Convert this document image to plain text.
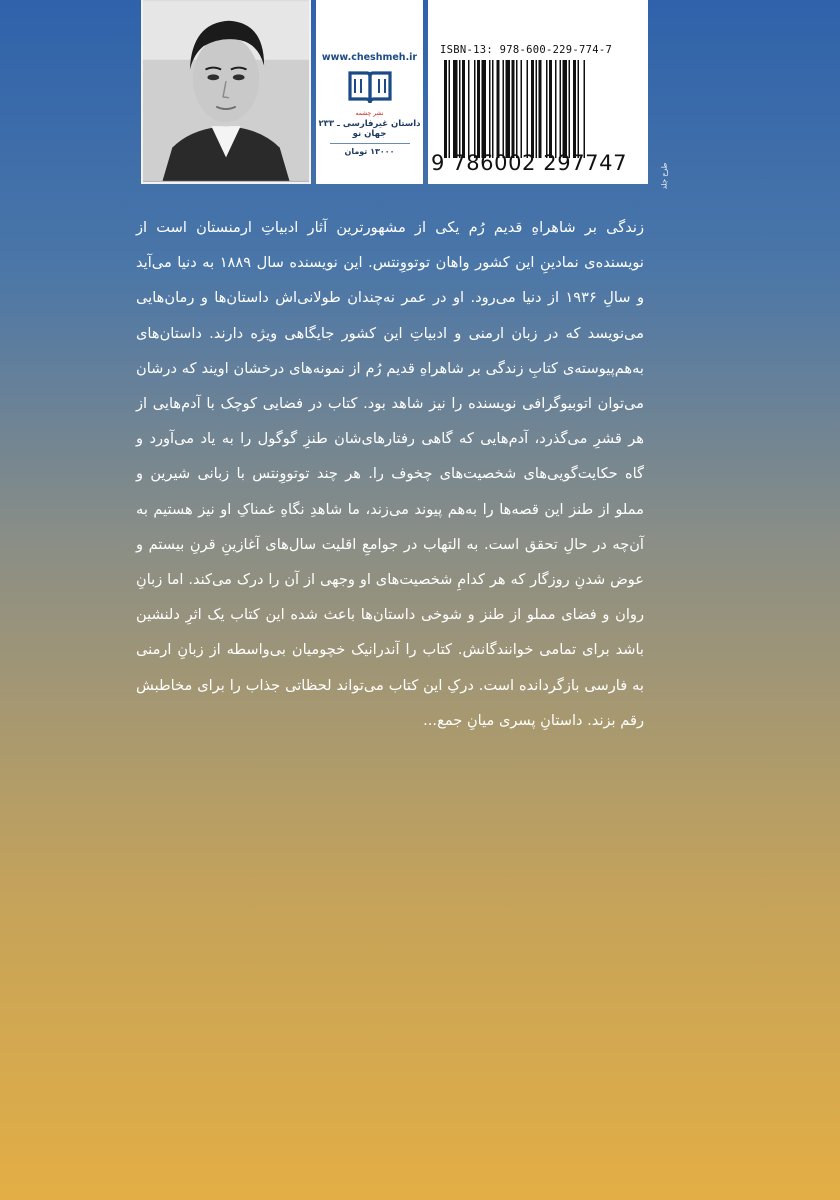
www.cheshmeh.ir
نشر چشمه
داستان غیرفارسی ـ ۲۳۳
جهان نو
۱۳۰۰۰ تومان
ISBN-13: 978-600-229-774-7
9 786002 297747	طرح جلد

زندگی بر شاهراهِ قدیم رُم یکی از مشهورترین آثار ادبیاتِ ارمنستان است از نویسنده‌ی نمادینِ این کشور واهان توتووِنتس. این نویسنده سال ۱۸۸۹ به دنیا می‌آید و سالِ ۱۹۳۶ از دنیا می‌رود. او در عمر نه‌چندان طولانی‌اش داستان‌ها و رمان‌هایی می‌نویسد که در زبان ارمنی و ادبیاتِ این کشور جایگاهی ویژه دارند. داستان‌های به‌هم‌پیوسته‌ی کتابِ زندگی بر شاهراهِ قدیم رُم از نمونه‌های درخشان اویند که درشان می‌توان اتوبیوگرافی نویسنده را نیز شاهد بود. کتاب در فضایی کوچک با آدم‌هایی از هر قشرِ می‌گذرد، آدم‌هایی که گاهی رفتارهای‌شان طنزِ گوگول را به یاد می‌آورد و گاه حکایت‌گویی‌های شخصیت‌های چخوف را. هر چند توتووِنتس با زبانی شیرین و مملو از طنز این قصه‌ها را به‌هم پیوند می‌زند، ما شاهدِ نگاهِ غمناکِ او نیز هستیم به آن‌چه در حالِ تحقق است. به التهاب در جوامعِ اقلیت سال‌های آغازینِ قرنِ بیستم و عوض شدنِ روزگار که هر کدامِ شخصیت‌های او وجهی از آن را درک می‌کند. اما زبانِ روان و فضای مملو از طنز و شوخی داستان‌ها باعث شده این کتاب یک اثرِ دلنشین باشد برای تمامی خوانندگانش. کتاب را آندرانیک خچومیان بی‌واسطه از زبانِ ارمنی به فارسی بازگردانده است. درکِ این کتاب می‌تواند لحظاتی جذاب را برای مخاطبش رقم بزند. داستانِ پسری میانِ جمع...
